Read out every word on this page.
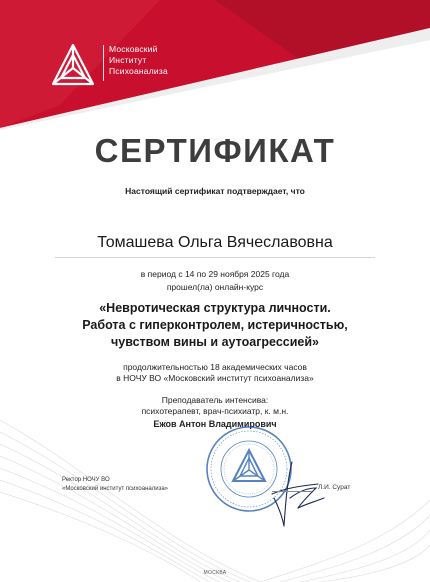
Московский
Институт
Психоанализа
СЕРТИФИКАТ
Настоящий сертификат подтверждает, что
Томашева Ольга Вячеславовна
в период с 14 по 29 ноября 2025 года
прошел(ла) онлайн-курс
«Невротическая структура личности.
Работа с гиперконтролем, истеричностью,
чувством вины и аутоагрессией»
продолжительностью 18 академических часов
в НОЧУ ВО «Московский институт психоанализа»
Преподаватель интенсива:
психотерапевт, врач-психиатр, к. м.н.
Ежов Антон Владимирович
Ректор НОЧУ ВО
«Московский институт психоанализа»	Л.И. Сурат
МОСКВА
